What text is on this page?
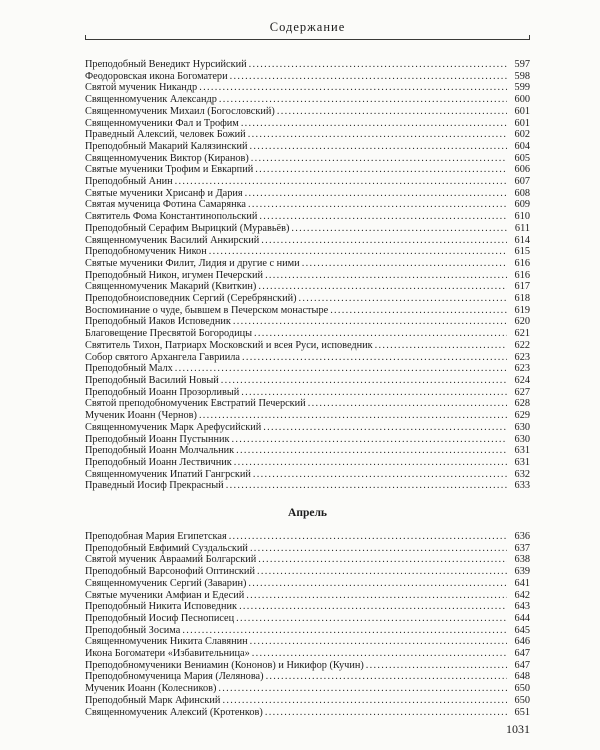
Содержание
Преподобный Венедикт Нурсийский .....	597
Феодоровская икона Богоматери .....	598
Святой мученик Никандр .....	599
Священномученик Александр .....	600
Священномученик Михаил (Богословский) .....	601
Священномученики Фал и Трофим .....	601
Праведный Алексий, человек Божий .....	602
Преподобный Макарий Калязинский .....	604
Священномученик Виктор (Киранов) .....	605
Святые мученики Трофим и Евкарпий .....	606
Преподобный Анин .....	607
Святые мученики Хрисанф и Дария .....	608
Святая мученица Фотина Самарянка .....	609
Святитель Фома Константинопольский .....	610
Преподобный Серафим Вырицкий (Муравьёв) .....	611
Священномученик Василий Анкирский .....	614
Преподобномученик Никон .....	615
Святые мученики Филит, Лидия и другие с ними .....	616
Преподобный Никон, игумен Печерский .....	616
Священномученик Макарий (Квиткин) .....	617
Преподобноисповедник Сергий (Серебрянский) .....	618
Воспоминание о чуде, бывшем в Печерском монастыре .....	619
Преподобный Иаков Исповедник .....	620
Благовещение Пресвятой Богородицы .....	621
Святитель Тихон, Патриарх Московский и всея Руси, исповедник .....	622
Собор святого Архангела Гавриила .....	623
Преподобный Малх .....	623
Преподобный Василий Новый .....	624
Преподобный Иоанн Прозорливый .....	627
Святой преподобномученик Евстратий Печерский .....	628
Мученик Иоанн (Чернов) .....	629
Священномученик Марк Арефусийский .....	630
Преподобный Иоанн Пустынник .....	630
Преподобный Иоанн Молчальник .....	631
Преподобный Иоанн Лествичник .....	631
Священномученик Ипатий Гангрский .....	632
Праведный Иосиф Прекрасный .....	633
Апрель
Преподобная Мария Египетская .....	636
Преподобный Евфимий Суздальский .....	637
Святой мученик Авраамий Болгарский .....	638
Преподобный Варсонофий Оптинский .....	639
Священномученик Сергий (Заварин) .....	641
Святые мученики Амфиан и Едесий .....	642
Преподобный Никита Исповедник .....	643
Преподобный Иосиф Песнописец .....	644
Преподобный Зосима .....	645
Священномученик Никита Славянин .....	646
Икона Богоматери «Избавительница» .....	647
Преподобномученики Вениамин (Кононов) и Никифор (Кучин) .....	647
Преподобномученица Мария (Лелянова) .....	648
Мученик Иоанн (Колесников) .....	650
Преподобный Марк Афинский .....	650
Священномученик Алексий (Кротенков) .....	651
1031
